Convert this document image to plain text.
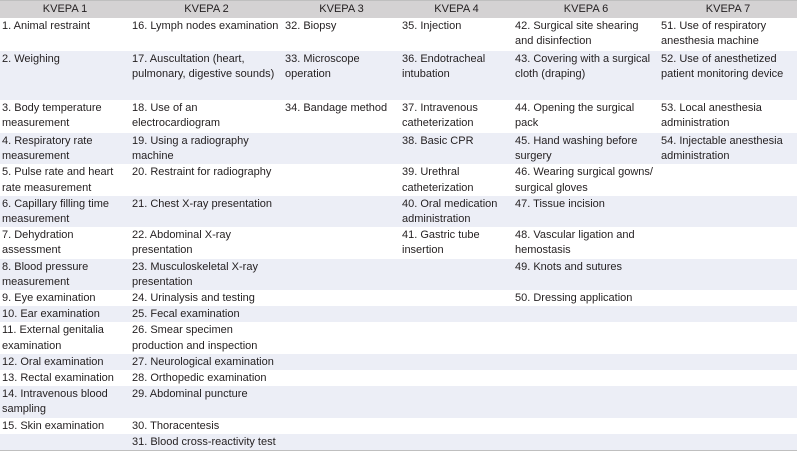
KVEPA 1	KVEPA 2	KVEPA 3	KVEPA 4	KVEPA 6	KVEPA 7
1. Animal restraint	16. Lymph nodes examination	32. Biopsy	35. Injection	42. Surgical site shearing and disinfection	51. Use of respiratory anesthesia machine
2. Weighing	17. Auscultation (heart, pulmonary, digestive sounds)	33. Microscope operation	36. Endotracheal intubation	43. Covering with a surgical cloth (draping)	52. Use of anesthetized patient monitoring device
3. Body temperature measurement	18. Use of an electrocardiogram	34. Bandage method	37. Intravenous catheterization	44. Opening the surgical pack	53. Local anesthesia administration
4. Respiratory rate measurement	19. Using a radiography machine		38. Basic CPR	45. Hand washing before surgery	54. Injectable anesthesia administration
5. Pulse rate and heart rate measurement	20. Restraint for radiography		39. Urethral catheterization	46. Wearing surgical gowns/ surgical gloves	
6. Capillary filling time measurement	21. Chest X-ray presentation		40. Oral medication administration	47. Tissue incision	
7. Dehydration assessment	22. Abdominal X-ray presentation		41. Gastric tube insertion	48. Vascular ligation and hemostasis	
8. Blood pressure measurement	23. Musculoskeletal X-ray presentation			49. Knots and sutures	
9. Eye examination	24. Urinalysis and testing			50. Dressing application	
10. Ear examination	25. Fecal examination				
11. External genitalia examination	26. Smear specimen production and inspection				
12. Oral examination	27. Neurological examination				
13. Rectal examination	28. Orthopedic examination				
14. Intravenous blood sampling	29. Abdominal puncture				
15. Skin examination	30. Thoracentesis				
	31. Blood cross-reactivity test				
